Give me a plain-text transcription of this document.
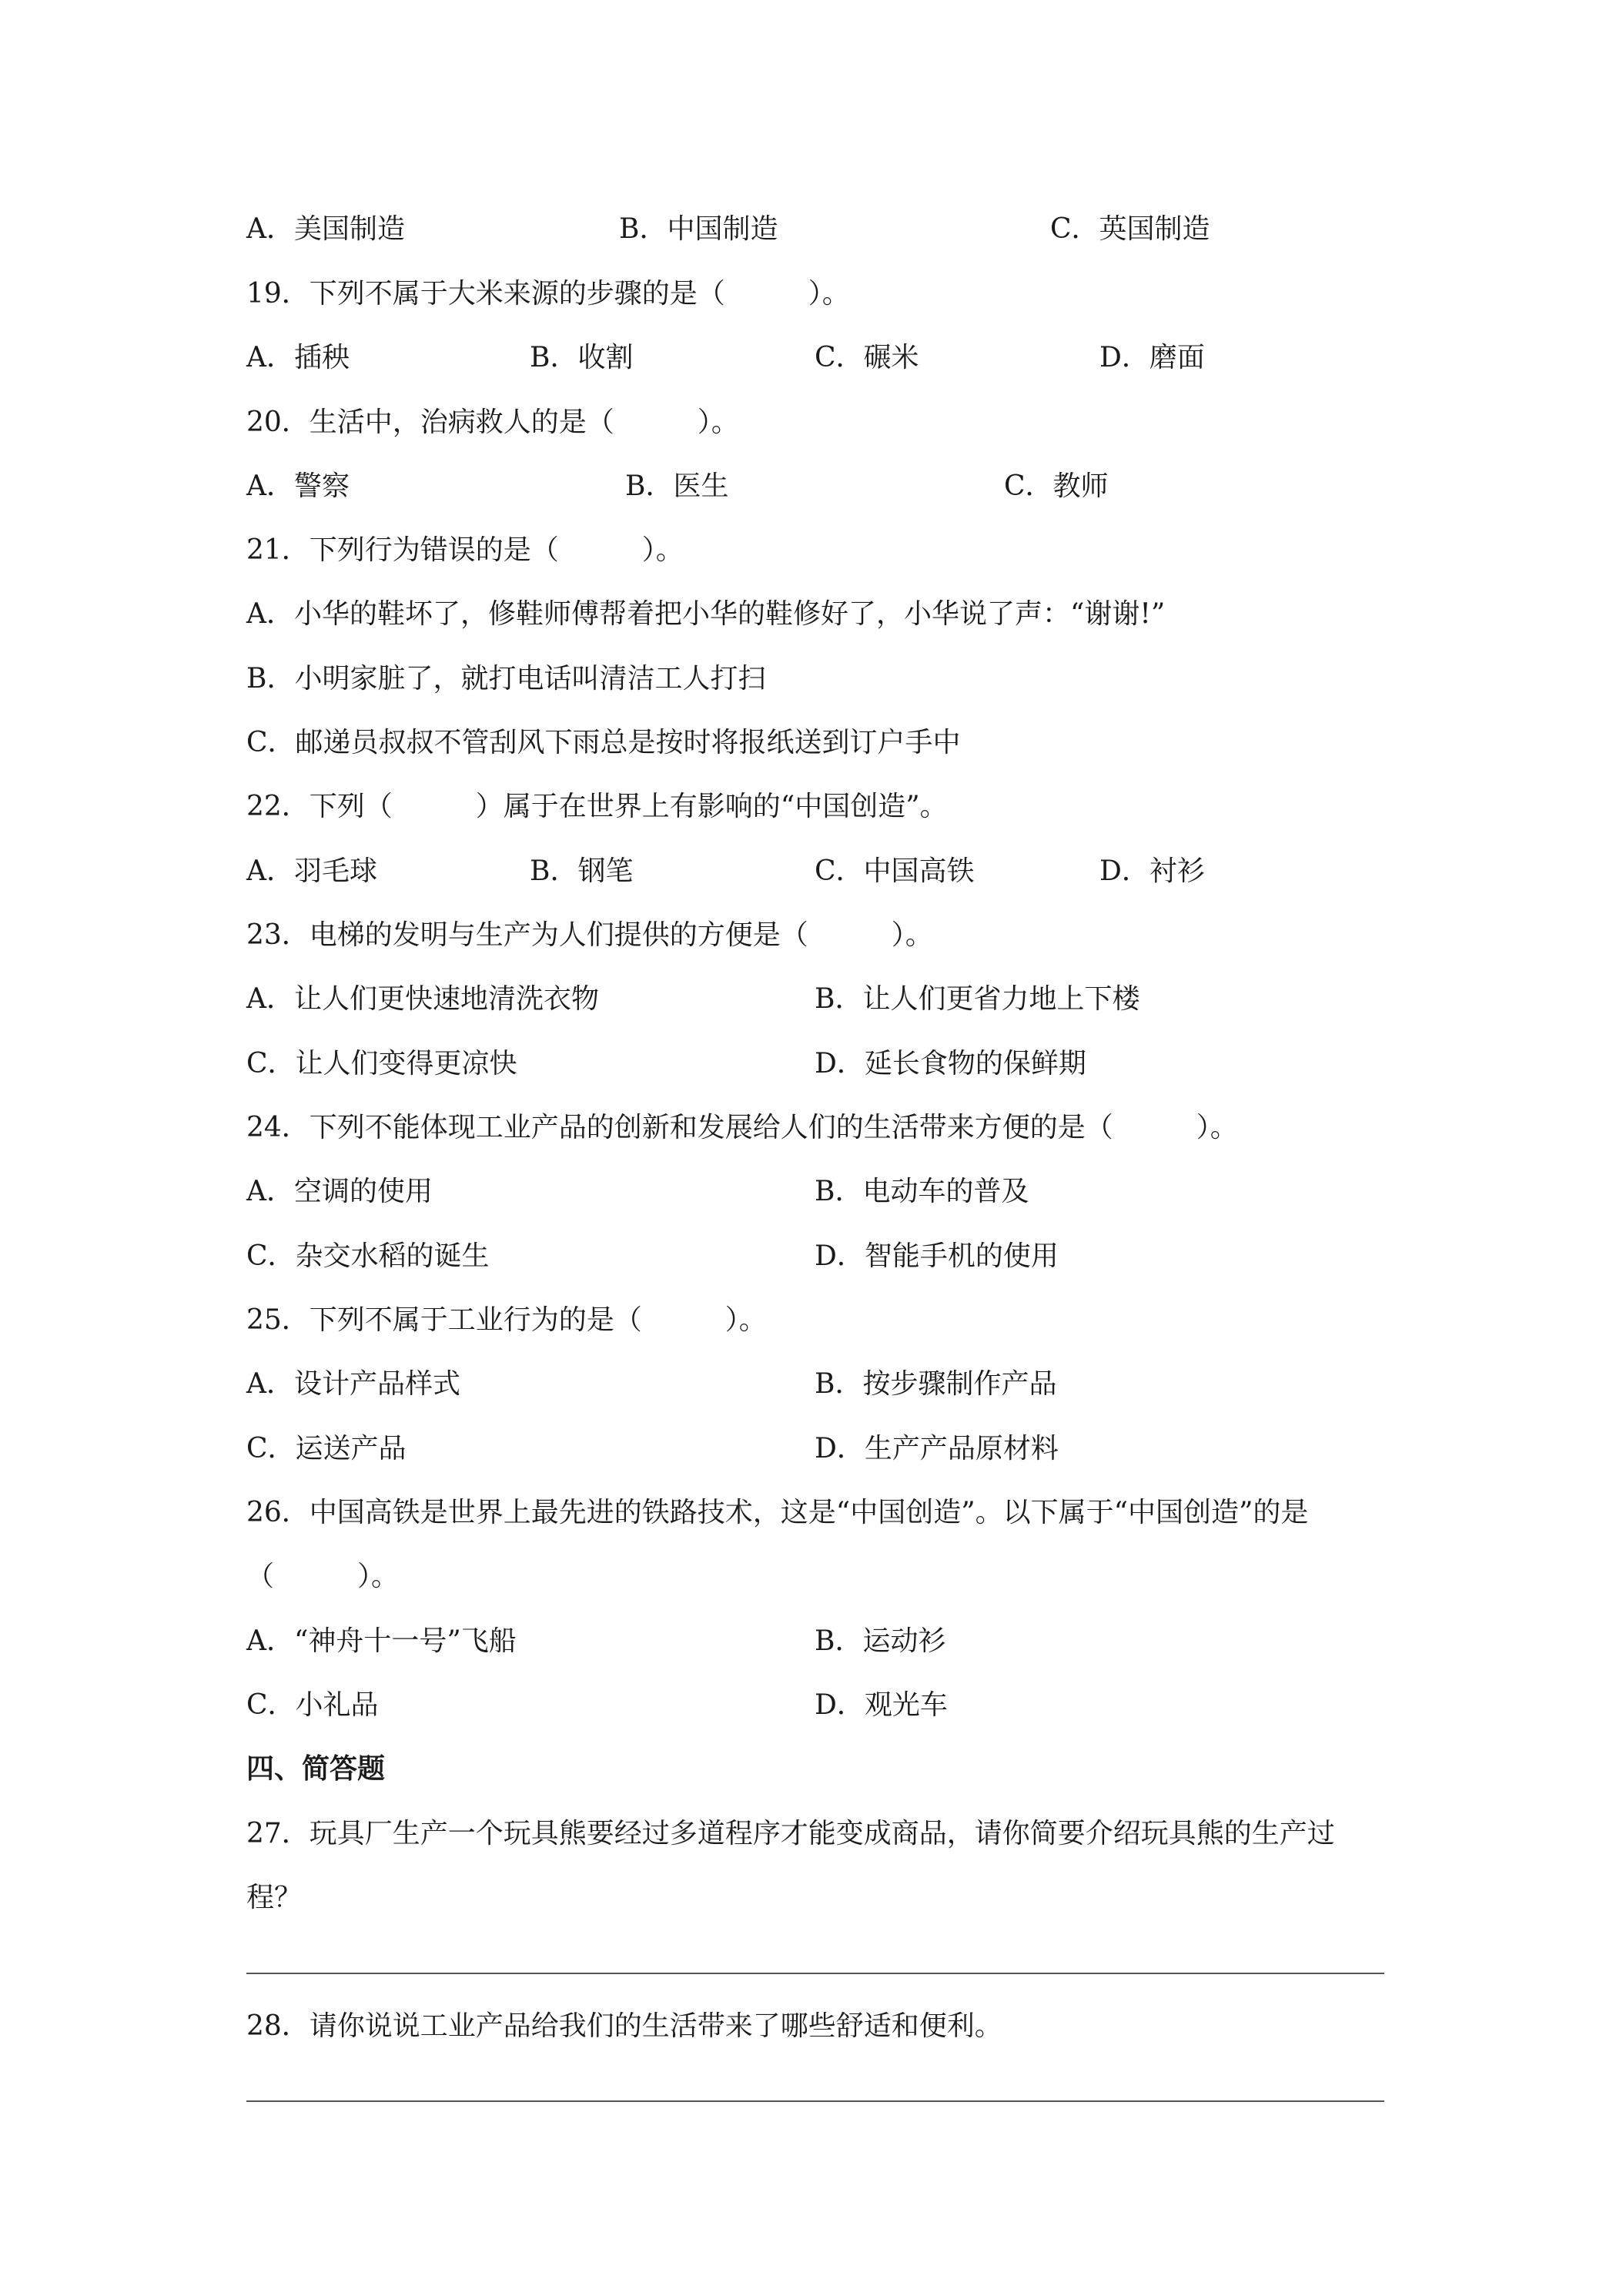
A．美国制造	B．中国制造	C．英国制造
19．下列不属于大米来源的步骤的是（　　　）。
A．插秧	B．收割	C．碾米	D．磨面
20．生活中，治病救人的是（　　　）。
A．警察	B．医生	C．教师
21．下列行为错误的是（　　　）。
A．小华的鞋坏了，修鞋师傅帮着把小华的鞋修好了，小华说了声：“谢谢!”
B．小明家脏了，就打电话叫清洁工人打扫
C．邮递员叔叔不管刮风下雨总是按时将报纸送到订户手中
22．下列（　　　）属于在世界上有影响的“中国创造”。
A．羽毛球	B．钢笔	C．中国高铁	D．衬衫
23．电梯的发明与生产为人们提供的方便是（　　　）。
A．让人们更快速地清洗衣物	B．让人们更省力地上下楼
C．让人们变得更凉快	D．延长食物的保鲜期
24．下列不能体现工业产品的创新和发展给人们的生活带来方便的是（　　　）。
A．空调的使用	B．电动车的普及
C．杂交水稻的诞生	D．智能手机的使用
25．下列不属于工业行为的是（　　　）。
A．设计产品样式	B．按步骤制作产品
C．运送产品	D．生产产品原材料
26．中国高铁是世界上最先进的铁路技术，这是“中国创造”。以下属于“中国创造”的是
（　　　）。
A．“神舟十一号”飞船	B．运动衫
C．小礼品	D．观光车
四、简答题
27．玩具厂生产一个玩具熊要经过多道程序才能变成商品，请你简要介绍玩具熊的生产过
程？
28．请你说说工业产品给我们的生活带来了哪些舒适和便利。
